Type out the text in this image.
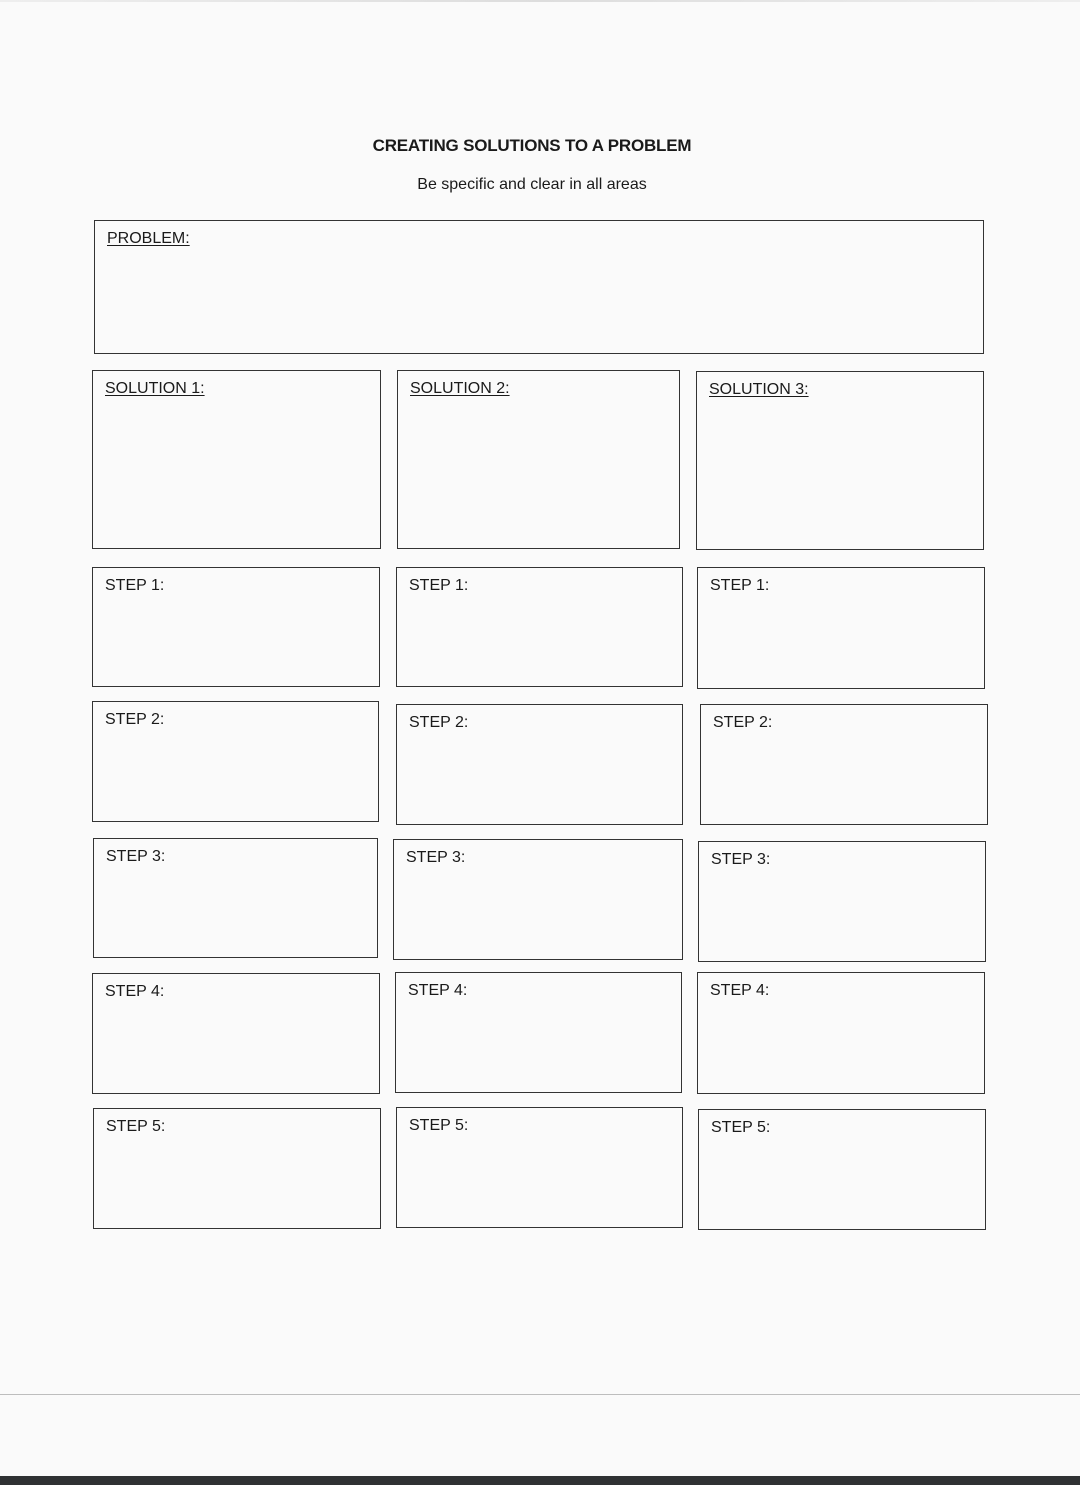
CREATING SOLUTIONS TO A PROBLEM
Be specific and clear in all areas
PROBLEM:
SOLUTION 1:	SOLUTION 2:	SOLUTION 3:
STEP 1:
STEP 2:
STEP 3:
STEP 4:
STEP 5:
STEP 1:
STEP 2:
STEP 3:
STEP 4:
STEP 5:
STEP 1:
STEP 2:
STEP 3:
STEP 4:
STEP 5:
